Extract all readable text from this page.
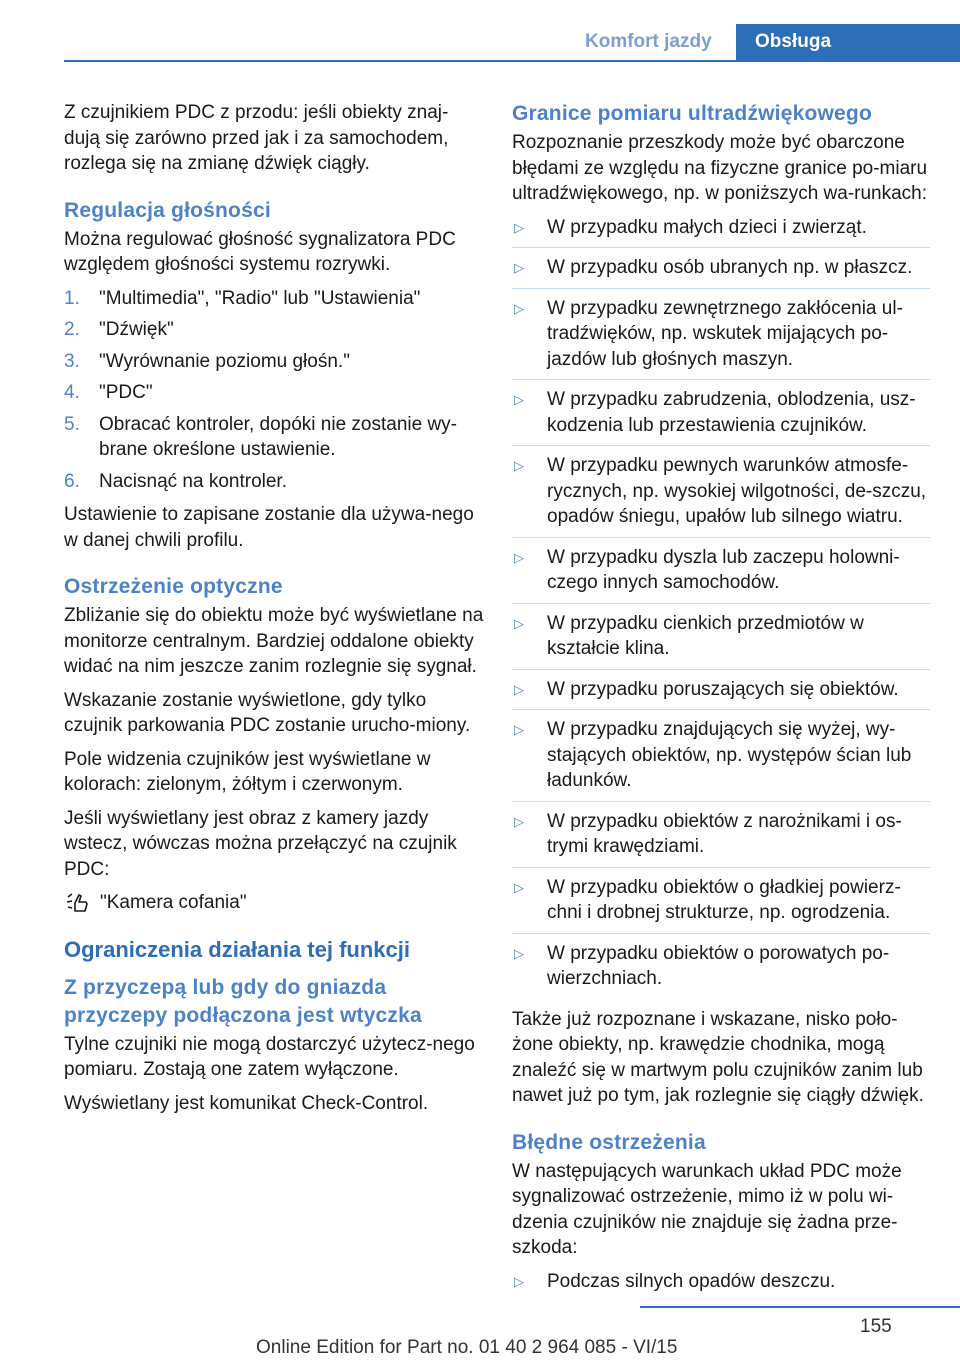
Komfort jazdy	Obsługa

Z czujnikiem PDC z przodu: jeśli obiekty znaj‐dują się zarówno przed jak i za samochodem, rozlega się na zmianę dźwięk ciągły.

Regulacja głośności

Można regulować głośność sygnalizatora PDC względem głośności systemu rozrywki.

1. "Multimedia", "Radio" lub "Ustawienia"
2. "Dźwięk"
3. "Wyrównanie poziomu głośn."
4. "PDC"
5. Obracać kontroler, dopóki nie zostanie wy‐brane określone ustawienie.
6. Nacisnąć na kontroler.

Ustawienie to zapisane zostanie dla używa‐nego w danej chwili profilu.

Ostrzeżenie optyczne

Zbliżanie się do obiektu może być wyświetlane na monitorze centralnym. Bardziej oddalone obiekty widać na nim jeszcze zanim rozlegnie się sygnał.

Wskazanie zostanie wyświetlone, gdy tylko czujnik parkowania PDC zostanie urucho‐miony.

Pole widzenia czujników jest wyświetlane w kolorach: zielonym, żółtym i czerwonym.

Jeśli wyświetlany jest obraz z kamery jazdy wstecz, wówczas można przełączyć na czujnik PDC:

"Kamera cofania"
Ograniczenia działania tej funkcji
Z przyczepą lub gdy do gniazda przyczepy podłączona jest wtyczka

Tylne czujniki nie mogą dostarczyć użytecz‐nego pomiaru. Zostają one zatem wyłączone.

Wyświetlany jest komunikat Check-Control.

Granice pomiaru ultradźwiękowego

Rozpoznanie przeszkody może być obarczone błędami ze względu na fizyczne granice po‐miaru ultradźwiękowego, np. w poniższych wa‐runkach:

▷ W przypadku małych dzieci i zwierząt.
▷ W przypadku osób ubranych np. w płaszcz.
▷ W przypadku zewnętrznego zakłócenia ul‐tradźwięków, np. wskutek mijających po‐jazdów lub głośnych maszyn.
▷ W przypadku zabrudzenia, oblodzenia, usz‐kodzenia lub przestawienia czujników.
▷ W przypadku pewnych warunków atmosfe‐rycznych, np. wysokiej wilgotności, de‐szczu, opadów śniegu, upałów lub silnego wiatru.
▷ W przypadku dyszla lub zaczepu holowni‐czego innych samochodów.
▷ W przypadku cienkich przedmiotów w kształcie klina.
▷ W przypadku poruszających się obiektów.
▷ W przypadku znajdujących się wyżej, wy‐stających obiektów, np. występów ścian lub ładunków.
▷ W przypadku obiektów z narożnikami i os‐trymi krawędziami.
▷ W przypadku obiektów o gładkiej powierz‐chni i drobnej strukturze, np. ogrodzenia.
▷ W przypadku obiektów o porowatych po‐wierzchniach.

Także już rozpoznane i wskazane, nisko poło‐żone obiekty, np. krawędzie chodnika, mogą znaleźć się w martwym polu czujników zanim lub nawet już po tym, jak rozlegnie się ciągły dźwięk.

Błędne ostrzeżenia

W następujących warunkach układ PDC może sygnalizować ostrzeżenie, mimo iż w polu wi‐dzenia czujników nie znajduje się żadna prze‐szkoda:

▷ Podczas silnych opadów deszczu.
155
Online Edition for Part no. 01 40 2 964 085 - VI/15
